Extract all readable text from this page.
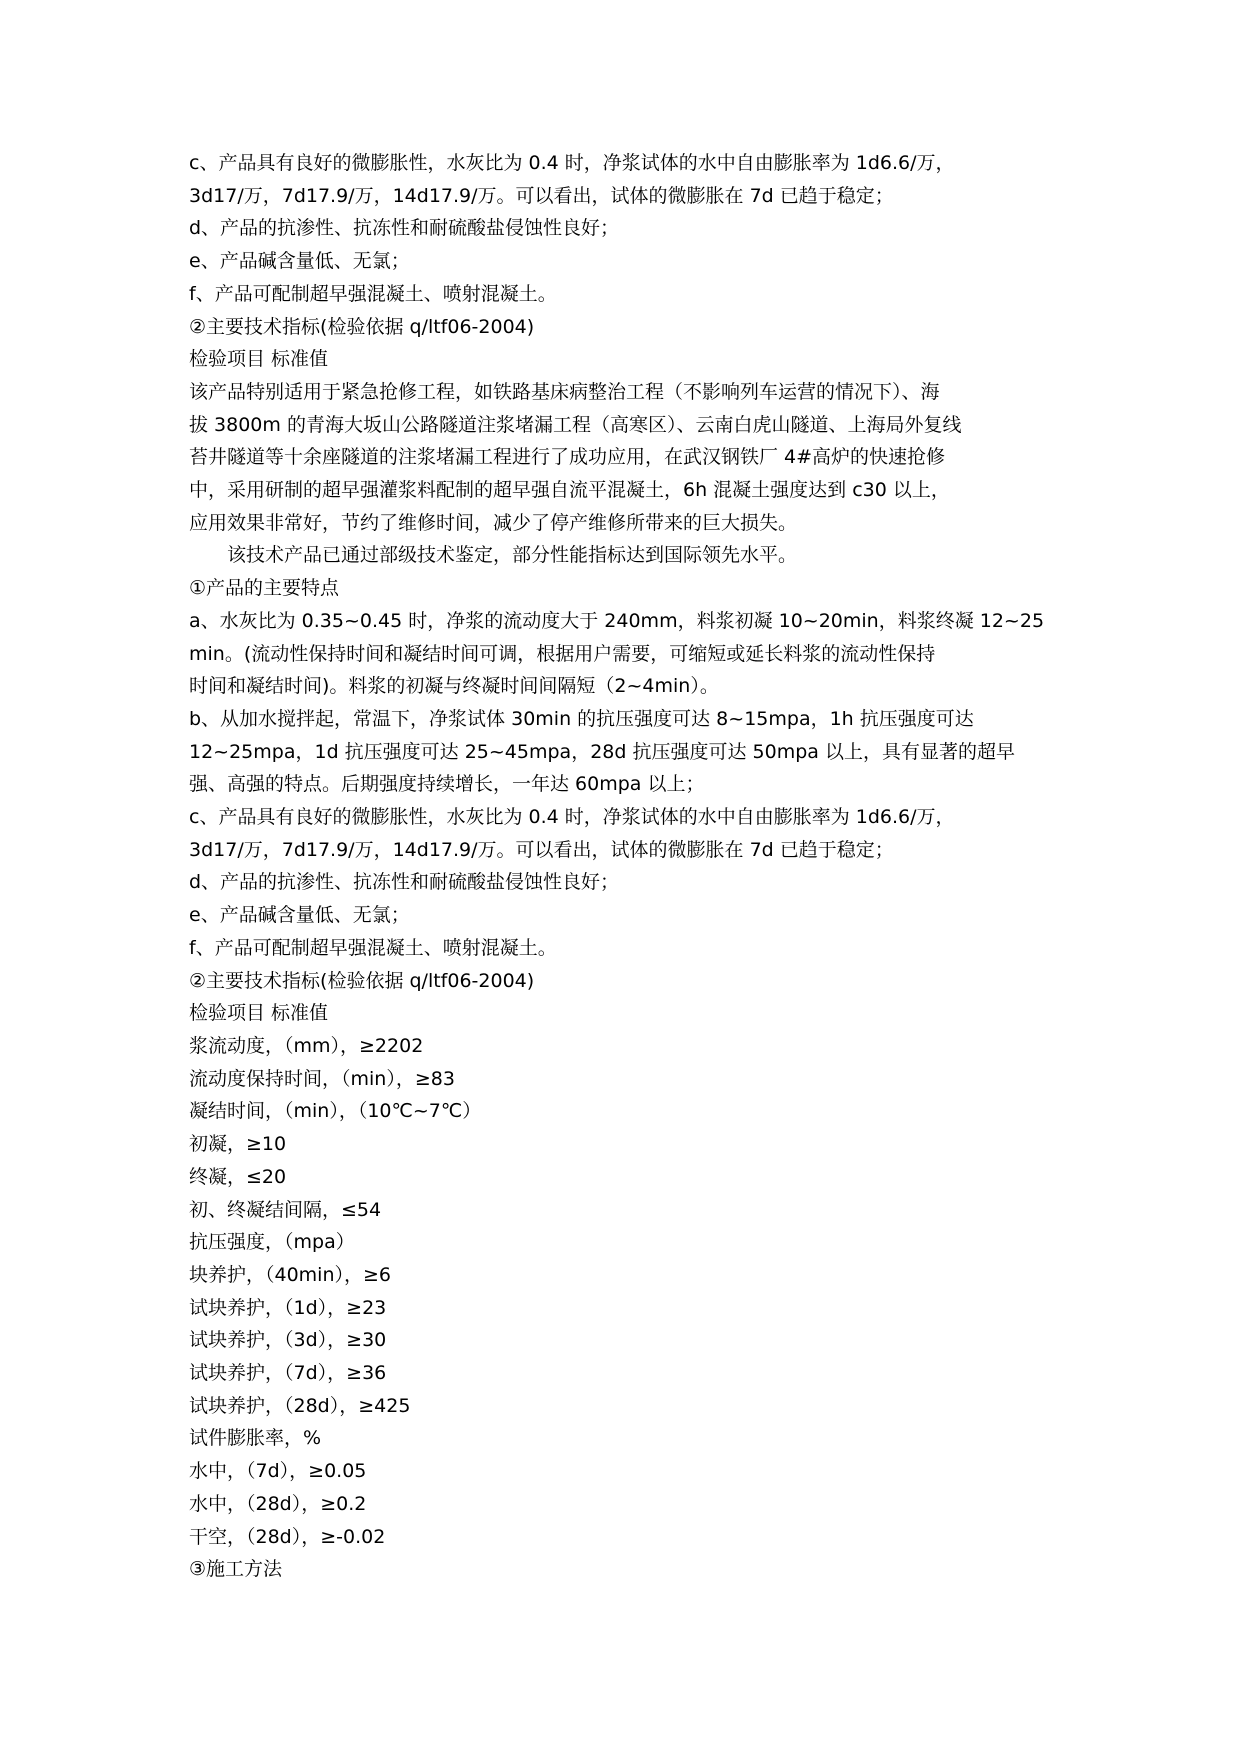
c、产品具有良好的微膨胀性，水灰比为 0.4 时，净浆试体的水中自由膨胀率为 1d6.6/万，

3d17/万，7d17.9/万，14d17.9/万。可以看出，试体的微膨胀在 7d 已趋于稳定；

d、产品的抗渗性、抗冻性和耐硫酸盐侵蚀性良好；

e、产品碱含量低、无氯；

f、产品可配制超早强混凝土、喷射混凝土。

②主要技术指标(检验依据 q/ltf06-2004)

检验项目 标准值

该产品特别适用于紧急抢修工程，如铁路基床病整治工程（不影响列车运营的情况下）、海

拔 3800m 的青海大坂山公路隧道注浆堵漏工程（高寒区）、云南白虎山隧道、上海局外复线

苔井隧道等十余座隧道的注浆堵漏工程进行了成功应用，在武汉钢铁厂 4#高炉的快速抢修

中，采用研制的超早强灌浆料配制的超早强自流平混凝土，6h 混凝土强度达到 c30 以上，

应用效果非常好，节约了维修时间，减少了停产维修所带来的巨大损失。

该技术产品已通过部级技术鉴定，部分性能指标达到国际领先水平。

①产品的主要特点

a、水灰比为 0.35~0.45 时，净浆的流动度大于 240mm，料浆初凝 10~20min，料浆终凝 12~25

min。(流动性保持时间和凝结时间可调，根据用户需要，可缩短或延长料浆的流动性保持

时间和凝结时间)。料浆的初凝与终凝时间间隔短（2~4min）。

b、从加水搅拌起，常温下，净浆试体 30min 的抗压强度可达 8~15mpa，1h 抗压强度可达

12~25mpa，1d 抗压强度可达 25~45mpa，28d 抗压强度可达 50mpa 以上，具有显著的超早

强、高强的特点。后期强度持续增长，一年达 60mpa 以上；

c、产品具有良好的微膨胀性，水灰比为 0.4 时，净浆试体的水中自由膨胀率为 1d6.6/万，

3d17/万，7d17.9/万，14d17.9/万。可以看出，试体的微膨胀在 7d 已趋于稳定；

d、产品的抗渗性、抗冻性和耐硫酸盐侵蚀性良好；

e、产品碱含量低、无氯；

f、产品可配制超早强混凝土、喷射混凝土。

②主要技术指标(检验依据 q/ltf06-2004)

检验项目 标准值

浆流动度，（mm），≥2202

流动度保持时间，（min），≥83

凝结时间，（min），（10℃~7℃）

初凝，≥10

终凝，≤20

初、终凝结间隔，≤54

抗压强度，（mpa）

块养护，（40min），≥6

试块养护，（1d），≥23

试块养护，（3d），≥30

试块养护，（7d），≥36

试块养护，（28d），≥425

试件膨胀率，%

水中，（7d），≥0.05

水中，（28d），≥0.2

干空，（28d），≥-0.02

③施工方法
